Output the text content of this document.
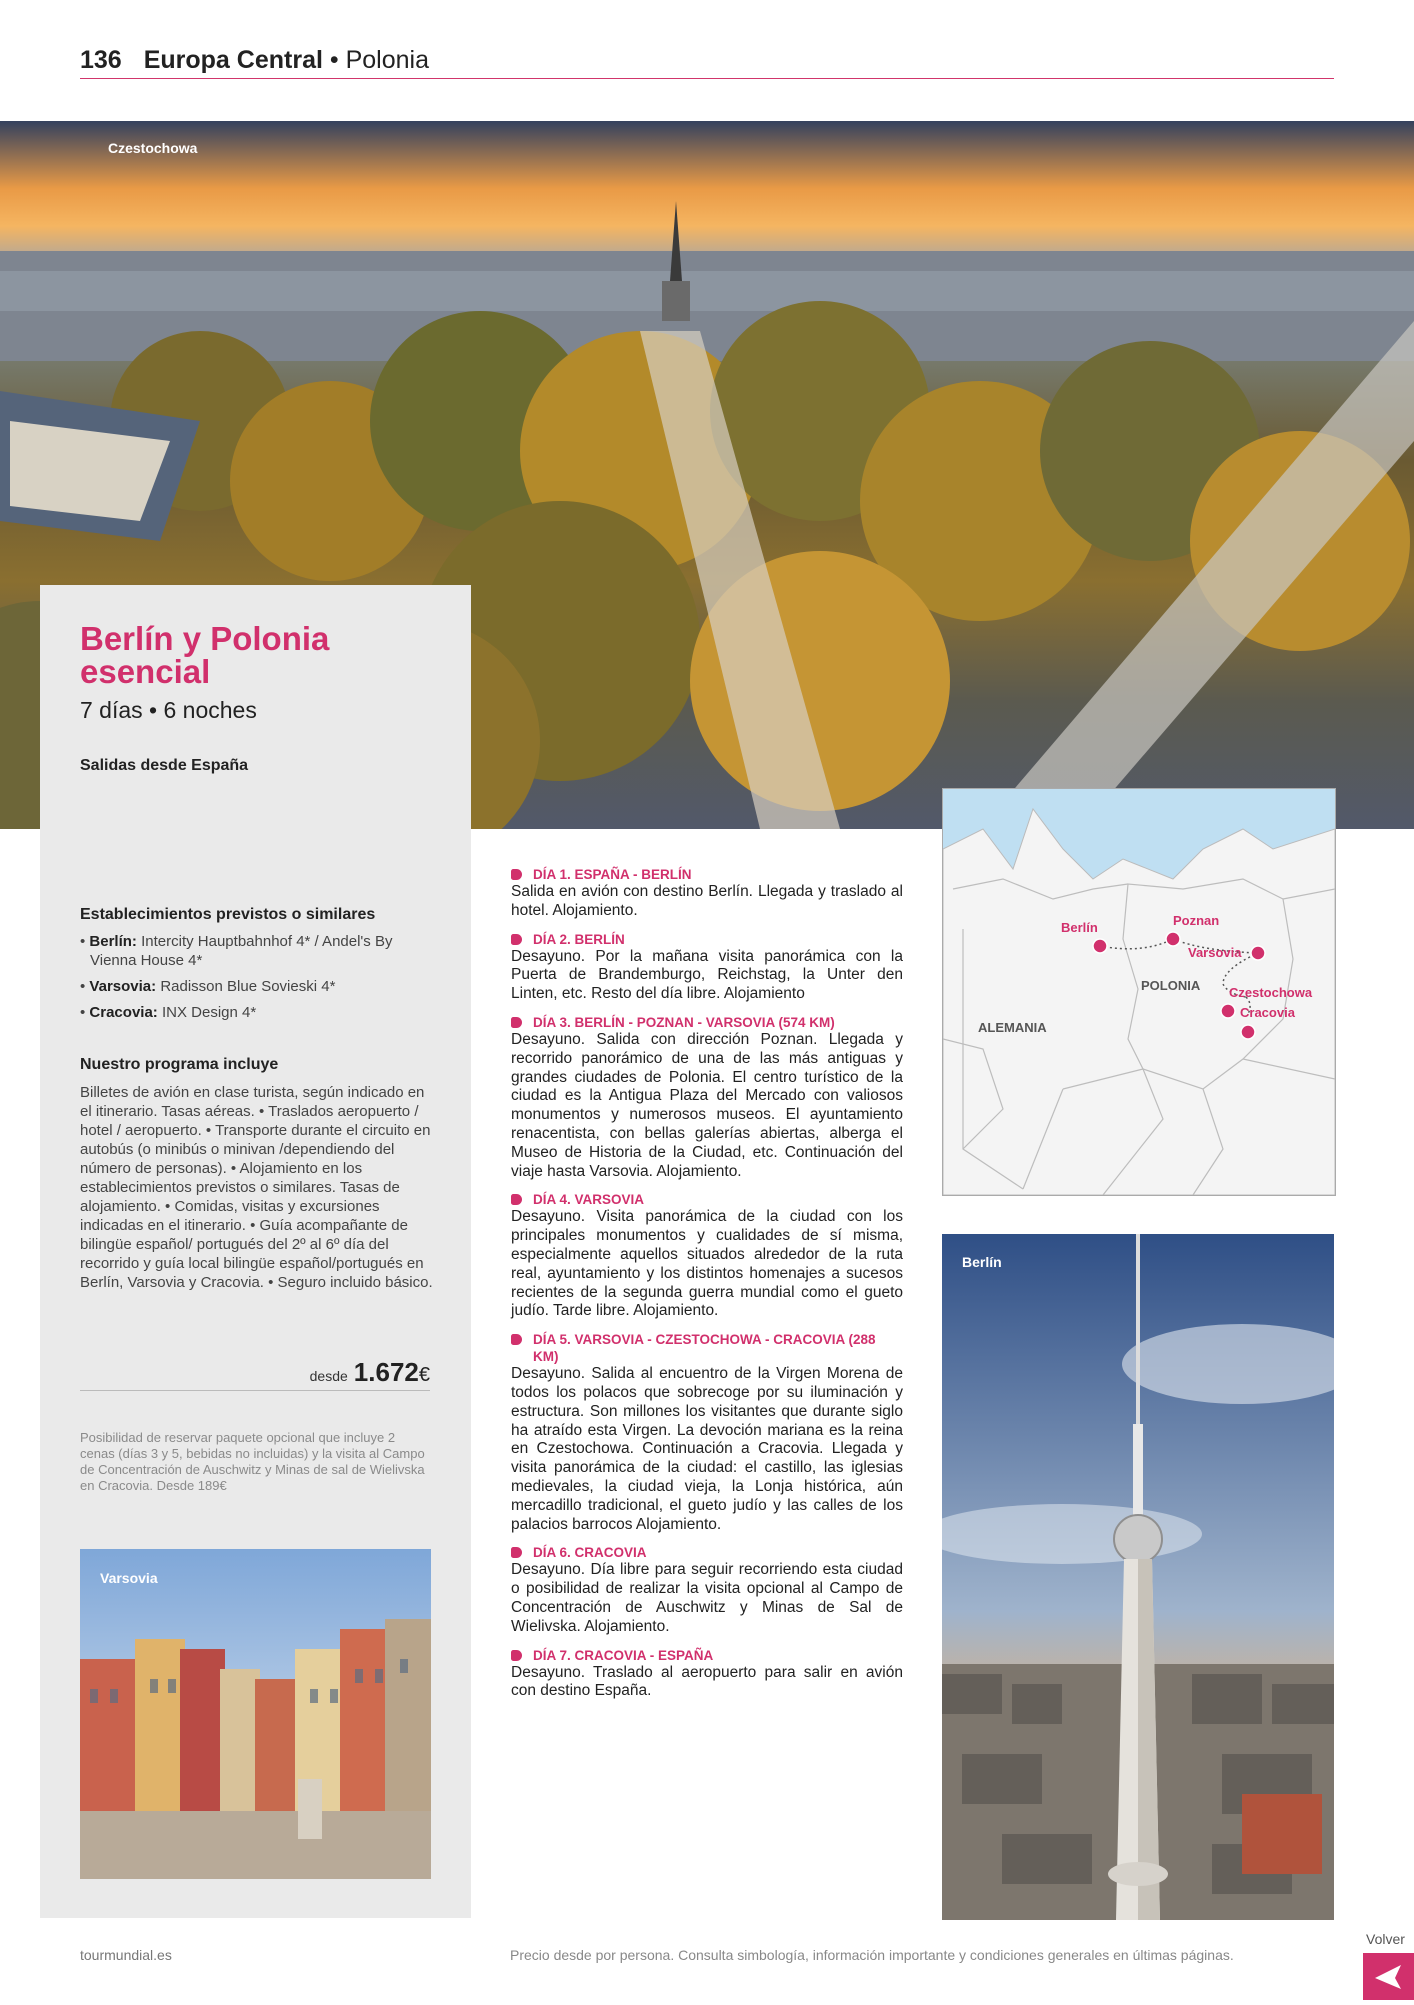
136 Europa Central • Polonia
Czestochowa
Berlín y Polonia esencial
7 días • 6 noches
Salidas desde España
Establecimientos previstos o similares
• Berlín: Intercity Hauptbahnhof 4* / Andel's By Vienna House 4*
• Varsovia: Radisson Blue Sovieski 4*
• Cracovia: INX Design 4*
Nuestro programa incluye
Billetes de avión en clase turista, según indicado en el itinerario. Tasas aéreas. • Traslados aeropuerto / hotel / aeropuerto. • Transporte durante el circuito en autobús (o minibús o minivan /dependiendo del número de personas). • Alojamiento en los establecimientos previstos o similares. Tasas de alojamiento. • Comidas, visitas y excursiones indicadas en el itinerario. • Guía acompañante de bilingüe español/ portugués del 2º al 6º día del recorrido y guía local bilingüe español/portugués en Berlín, Varsovia y Cracovia. • Seguro incluido básico.
desde 1.672€
Posibilidad de reservar paquete opcional que incluye 2 cenas (días 3 y 5, bebidas no incluidas) y la visita al Campo de Concentración de Auschwitz y Minas de sal de Wielivska en Cracovia. Desde 189€
Varsovia
DÍA 1. ESPAÑA - BERLÍN
Salida en avión con destino Berlín. Llegada y traslado al hotel. Alojamiento.
DÍA 2. BERLÍN
Desayuno. Por la mañana visita panorámica con la Puerta de Brandemburgo, Reichstag, la Unter den Linten, etc. Resto del día libre. Alojamiento
DÍA 3. BERLÍN - POZNAN - VARSOVIA (574 KM)
Desayuno. Salida con dirección Poznan. Llegada y recorrido panorámico de una de las más antiguas y grandes ciudades de Polonia. El centro turístico de la ciudad es la Antigua Plaza del Mercado con valiosos monumentos y numerosos museos. El ayuntamiento renacentista, con bellas galerías abiertas, alberga el Museo de Historia de la Ciudad, etc. Continuación del viaje hasta Varsovia. Alojamiento.
DÍA 4. VARSOVIA
Desayuno. Visita panorámica de la ciudad con los principales monumentos y cualidades de sí misma, especialmente aquellos situados alrededor de la ruta real, ayuntamiento y los distintos homenajes a sucesos recientes de la segunda guerra mundial como el gueto judío. Tarde libre. Alojamiento.
DÍA 5. VARSOVIA - CZESTOCHOWA - CRACOVIA (288 KM)
Desayuno. Salida al encuentro de la Virgen Morena de todos los polacos que sobrecoge por su iluminación y estructura. Son millones los visitantes que durante siglo ha atraído esta Virgen. La devoción mariana es la reina en Czestochowa. Continuación a Cracovia. Llegada y visita panorámica de la ciudad: el castillo, las iglesias medievales, la ciudad vieja, la Lonja histórica, aún mercadillo tradicional, el gueto judío y las calles de los palacios barrocos Alojamiento.
DÍA 6. CRACOVIA
Desayuno. Día libre para seguir recorriendo esta ciudad o posibilidad de realizar la visita opcional al Campo de Concentración de Auschwitz y Minas de Sal de Wielivska. Alojamiento.
DÍA 7. CRACOVIA - ESPAÑA
Desayuno. Traslado al aeropuerto para salir en avión con destino España.
Berlín	Poznan
Varsovia
Czestochowa
Cracovia
POLONIA
ALEMANIA
Berlín
tourmundial.es	Precio desde por persona. Consulta simbología, información importante y condiciones generales en últimas páginas.
Volver
